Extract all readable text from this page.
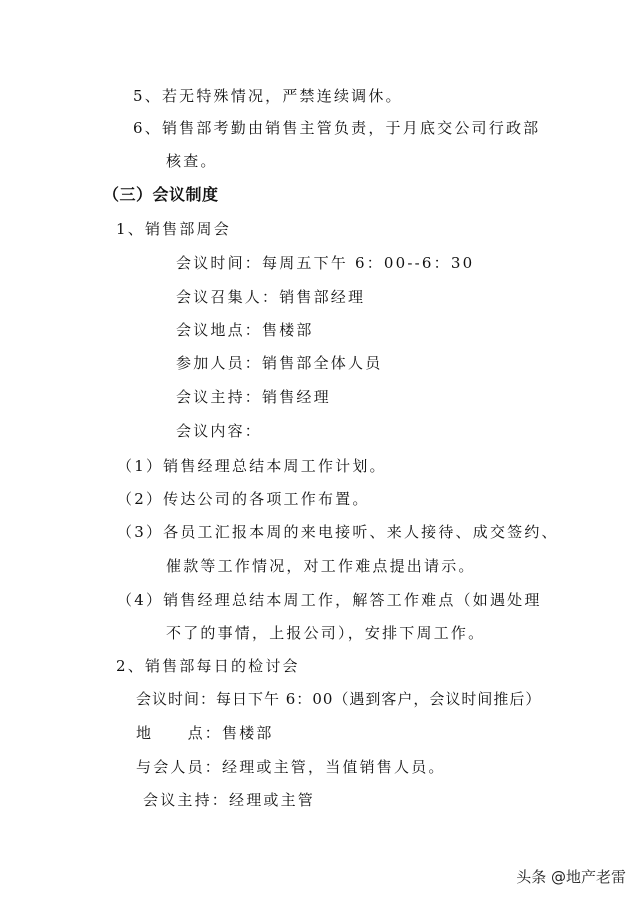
5、若无特殊情况，严禁连续调休。
6、销售部考勤由销售主管负责，于月底交公司行政部
核查。
（三）会议制度
1、销售部周会
会议时间：每周五下午 6：00--6：30
会议召集人：销售部经理
会议地点：售楼部
参加人员：销售部全体人员
会议主持：销售经理
会议内容：
（1）销售经理总结本周工作计划。
（2）传达公司的各项工作布置。
（3）各员工汇报本周的来电接听、来人接待、成交签约、
催款等工作情况，对工作难点提出请示。
（4）销售经理总结本周工作，解答工作难点（如遇处理
不了的事情，上报公司），安排下周工作。
2、销售部每日的检讨会
会议时间：每日下午 6：00（遇到客户，会议时间推后）
地　　点：售楼部
与会人员：经理或主管，当值销售人员。
会议主持：经理或主管
头条 @地产老雷
